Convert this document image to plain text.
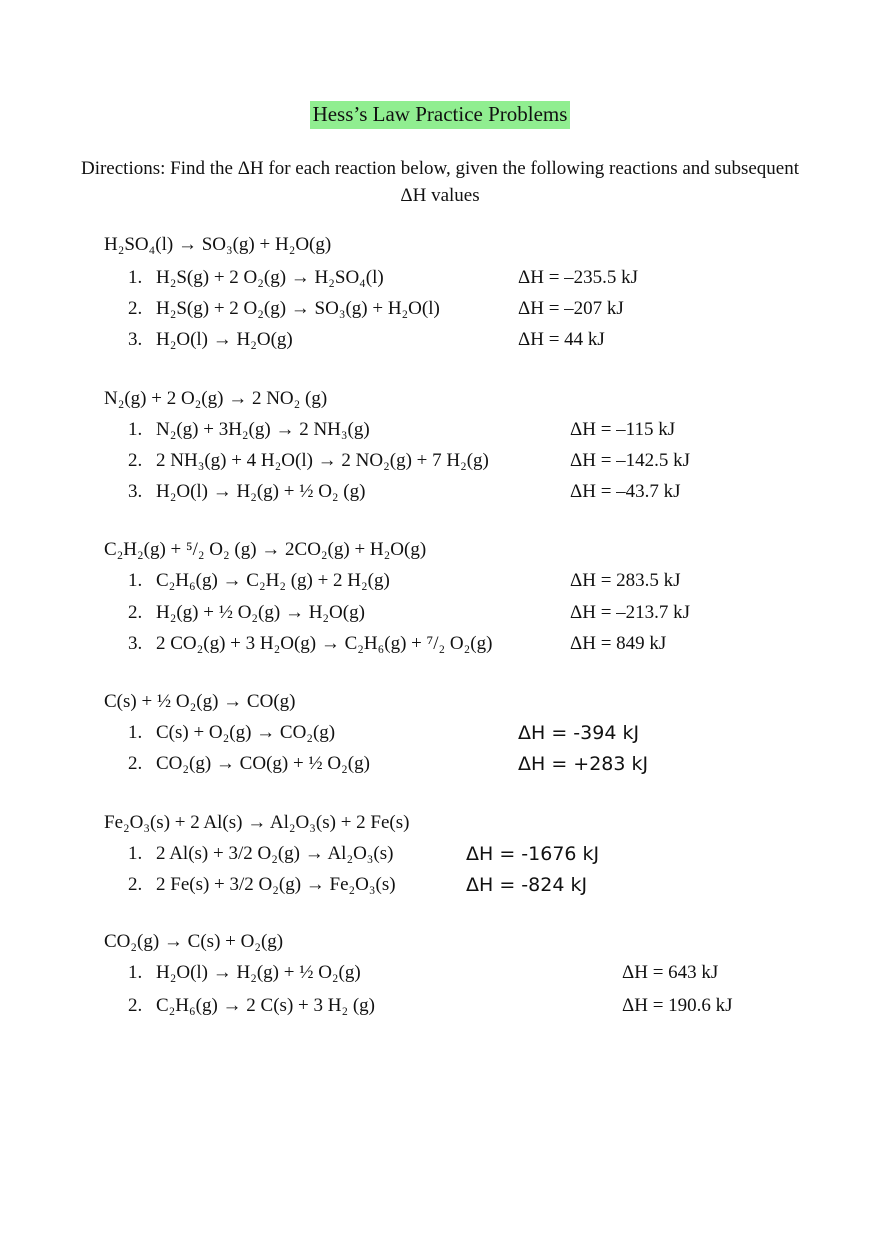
Hess’s Law Practice Problems
Directions: Find the ΔH for each reaction below, given the following reactions and subsequent ΔH values
H₂SO₄(l) → SO₃(g) + H₂O(g)
1. H₂S(g) + 2 O₂(g) → H₂SO₄(l)	ΔH = –235.5 kJ
2. H₂S(g) + 2 O₂(g) → SO₃(g) + H₂O(l)	ΔH = –207 kJ
3. H₂O(l) → H₂O(g)	ΔH = 44 kJ
N₂(g) + 2 O₂(g) → 2 NO₂ (g)
1. N₂(g) + 3H₂(g) → 2 NH₃(g)	ΔH = –115 kJ
2. 2 NH₃(g) + 4 H₂O(l) → 2 NO₂(g) + 7 H₂(g)	ΔH = –142.5 kJ
3. H₂O(l) → H₂(g) + ½ O₂ (g)	ΔH = –43.7 kJ
C₂H₂(g) + ⁵/₂ O₂ (g) → 2CO₂(g) + H₂O(g)
1. C₂H₆(g) → C₂H₂ (g) + 2 H₂(g)	ΔH = 283.5 kJ
2. H₂(g) + ½ O₂(g) → H₂O(g)	ΔH = –213.7 kJ
3. 2 CO₂(g) + 3 H₂O(g) → C₂H₆(g) + ⁷/₂ O₂(g)	ΔH = 849 kJ
C(s) + ½ O₂(g) → CO(g)
1. C(s) + O₂(g) → CO₂(g)	ΔH = -394 kJ
2. CO₂(g) → CO(g) + ½ O₂(g)	ΔH = +283 kJ
Fe₂O₃(s) + 2 Al(s) → Al₂O₃(s) + 2 Fe(s)
1. 2 Al(s) + 3/2 O₂(g) → Al₂O₃(s)	ΔH = -1676 kJ
2. 2 Fe(s) + 3/2 O₂(g) → Fe₂O₃(s)	ΔH = -824 kJ
CO₂(g) → C(s) + O₂(g)
1. H₂O(l) → H₂(g) + ½ O₂(g)	ΔH = 643 kJ
2. C₂H₆(g) → 2 C(s) + 3 H₂ (g)	ΔH = 190.6 kJ
